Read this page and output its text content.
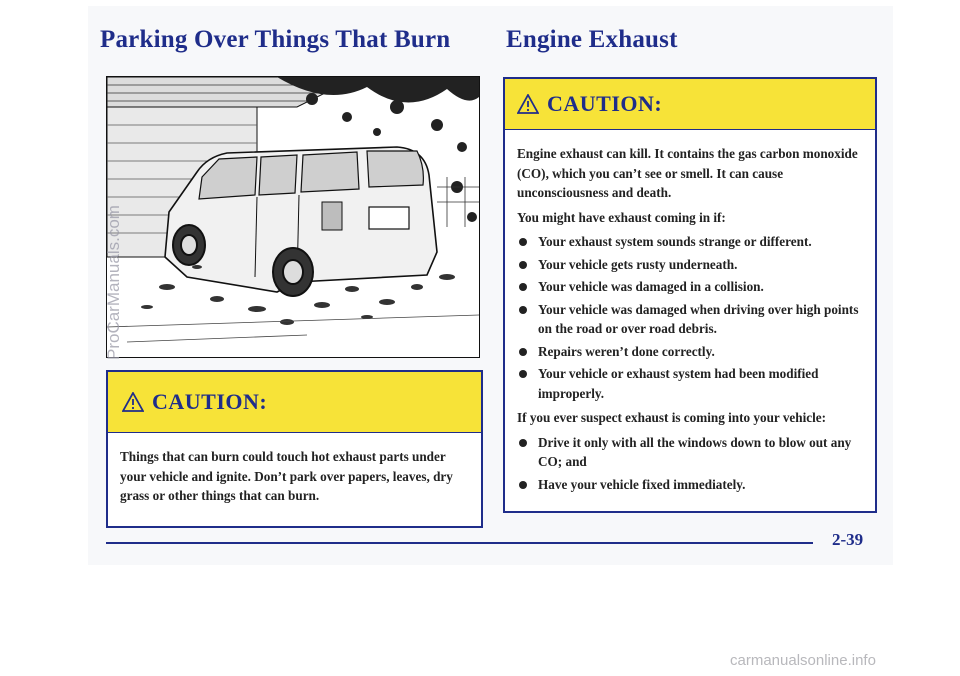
Parking Over Things That Burn Engine Exhaust
CAUTION:

Things that can burn could touch hot exhaust parts under your vehicle and ignite. Don’t park over papers, leaves, dry grass or other things that can burn.

CAUTION:

Engine exhaust can kill. It contains the gas carbon monoxide (CO), which you can’t see or smell. It can cause unconsciousness and death.

You might have exhaust coming in if:

Your exhaust system sounds strange or different.
Your vehicle gets rusty underneath.
Your vehicle was damaged in a collision.
Your vehicle was damaged when driving over high points on the road or over road debris.
Repairs weren’t done correctly.
Your vehicle or exhaust system had been modified improperly.

If you ever suspect exhaust is coming into your vehicle:

Drive it only with all the windows down to blow out any CO; and
Have your vehicle fixed immediately.
2-39
ProCarManuals.com
carmanualsonline.info
